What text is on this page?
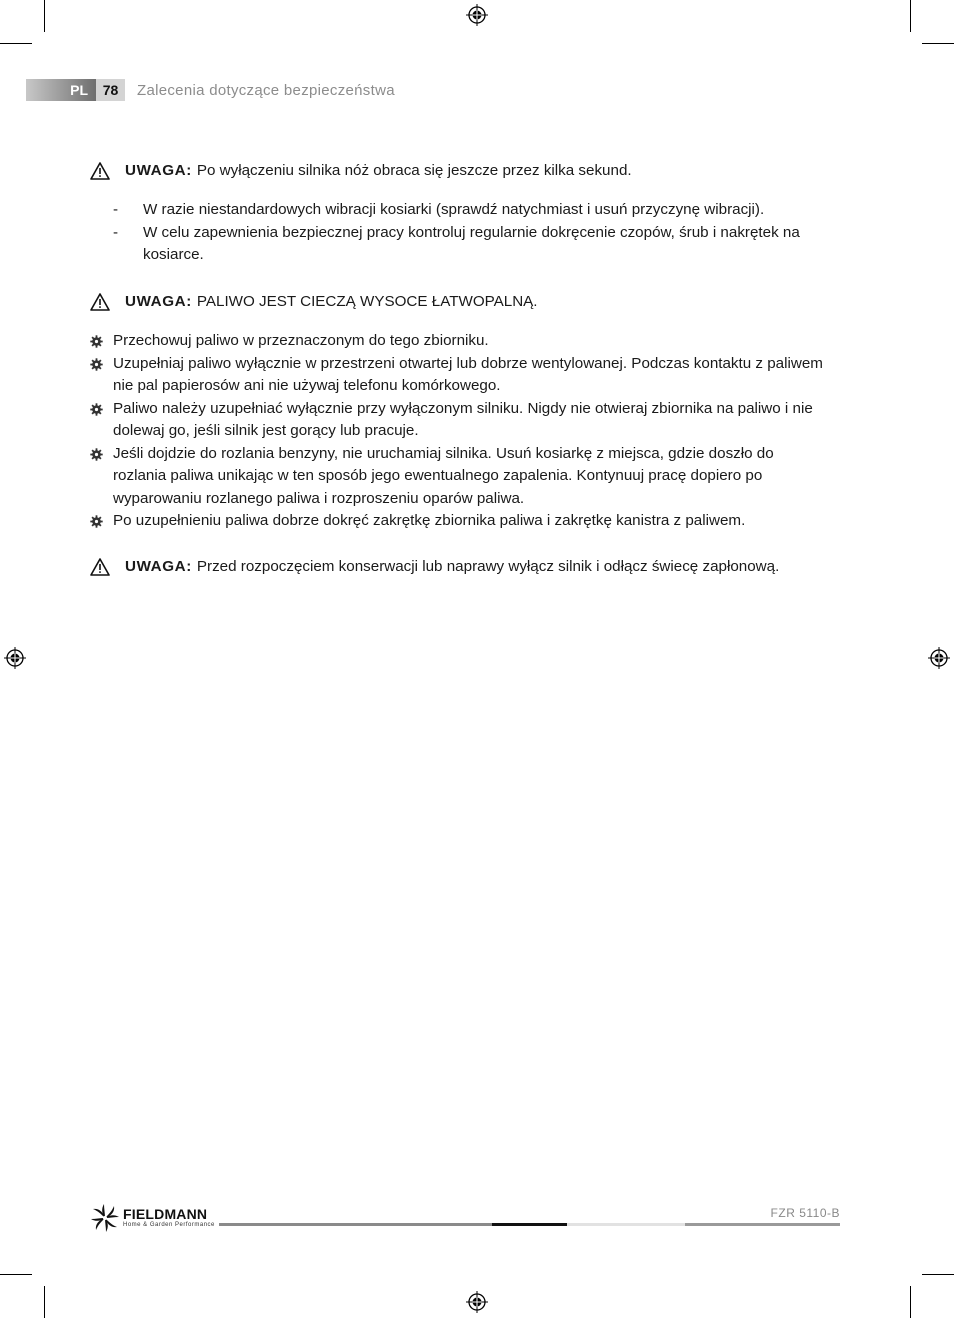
PL	78	Zalecenia dotyczące bezpieczeństwa
UWAGA: Po wyłączeniu silnika nóż obraca się jeszcze przez kilka sekund.
- W razie niestandardowych wibracji kosiarki (sprawdź natychmiast i usuń przyczynę wibracji).
- W celu zapewnienia bezpiecznej pracy kontroluj regularnie dokręcenie czopów, śrub i nakrętek na kosiarce.
UWAGA: PALIWO JEST CIECZĄ WYSOCE ŁATWOPALNĄ.
Przechowuj paliwo w przeznaczonym do tego zbiorniku.
Uzupełniaj paliwo wyłącznie w przestrzeni otwartej lub dobrze wentylowanej. Podczas kontaktu z paliwem nie pal papierosów ani nie używaj telefonu komórkowego.
Paliwo należy uzupełniać wyłącznie przy wyłączonym silniku. Nigdy nie otwieraj zbiornika na paliwo i nie dolewaj go, jeśli silnik jest gorący lub pracuje.
Jeśli dojdzie do rozlania benzyny, nie uruchamiaj silnika. Usuń kosiarkę z miejsca, gdzie doszło do rozlania paliwa unikając w ten sposób jego ewentualnego zapalenia. Kontynuuj pracę dopiero po wyparowaniu rozlanego paliwa i rozproszeniu oparów paliwa.
Po uzupełnieniu paliwa dobrze dokręć zakrętkę zbiornika paliwa i zakrętkę kanistra z paliwem.
UWAGA: Przed rozpoczęciem konserwacji lub naprawy wyłącz silnik i odłącz świecę zapłonową.
FIELDMANN
Home & Garden Performance
FZR 5110-B
